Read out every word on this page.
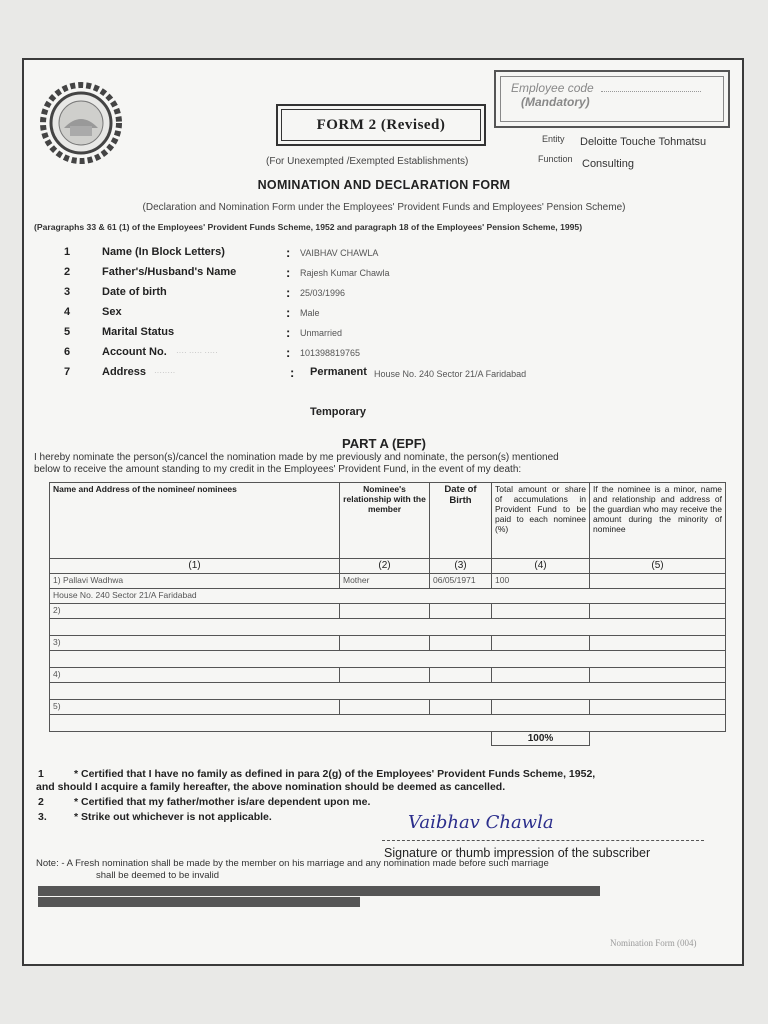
Employee code
(Mandatory)
FORM 2 (Revised)
Entity Deloitte Touche Tohmatsu
Function Consulting
(For Unexempted /Exempted Establishments)
NOMINATION AND DECLARATION FORM
(Declaration and Nomination Form under the Employees' Provident Funds and Employees' Pension Scheme)
(Paragraphs 33 & 61 (1) of the Employees' Provident Funds Scheme, 1952 and paragraph 18 of the Employees' Pension Scheme, 1995)
1	Name (In Block Letters)	: VAIBHAV CHAWLA
2	Father's/Husband's Name	: Rajesh Kumar Chawla
3	Date of birth	: 25/03/1996
4	Sex	: Male
5	Marital Status	: Unmarried
6	Account No. ···· ····· ·····	: 101398819765
7	Address ········	: Permanent House No. 240 Sector 21/A Faridabad
Temporary
PART A (EPF)
I hereby nominate the person(s)/cancel the nomination made by me previously and nominate, the person(s) mentioned
below to receive the amount standing to my credit in the Employees' Provident Fund, in the event of my death:
Name and Address of the nominee/ nominees	Nominee's relationship with the member	Date of Birth	Total amount or share of accumulations in Provident Fund to be paid to each nominee (%)	If the nominee is a minor, name and relationship and address of the guardian who may receive the amount during the minority of nominee
(1)	(2)	(3)	(4)	(5)
1) Pallavi Wadhwa	Mother	06/05/1971	100	
House No. 240 Sector 21/A Faridabad				
2)				

3)				

4)				

5)				

			100%	
1	* Certified that I have no family as defined in para 2(g) of the Employees' Provident Funds Scheme, 1952,
and should I acquire a family hereafter, the above nomination should be deemed as cancelled.
2	* Certified that my father/mother is/are dependent upon me.
3.	* Strike out whichever is not applicable.	Vaibhav Chawla
Signature or thumb impression of the subscriber
Note: - A Fresh nomination shall be made by the member on his marriage and any nomination made before such marriage
shall be deemed to be invalid
Nomination Form (004)
